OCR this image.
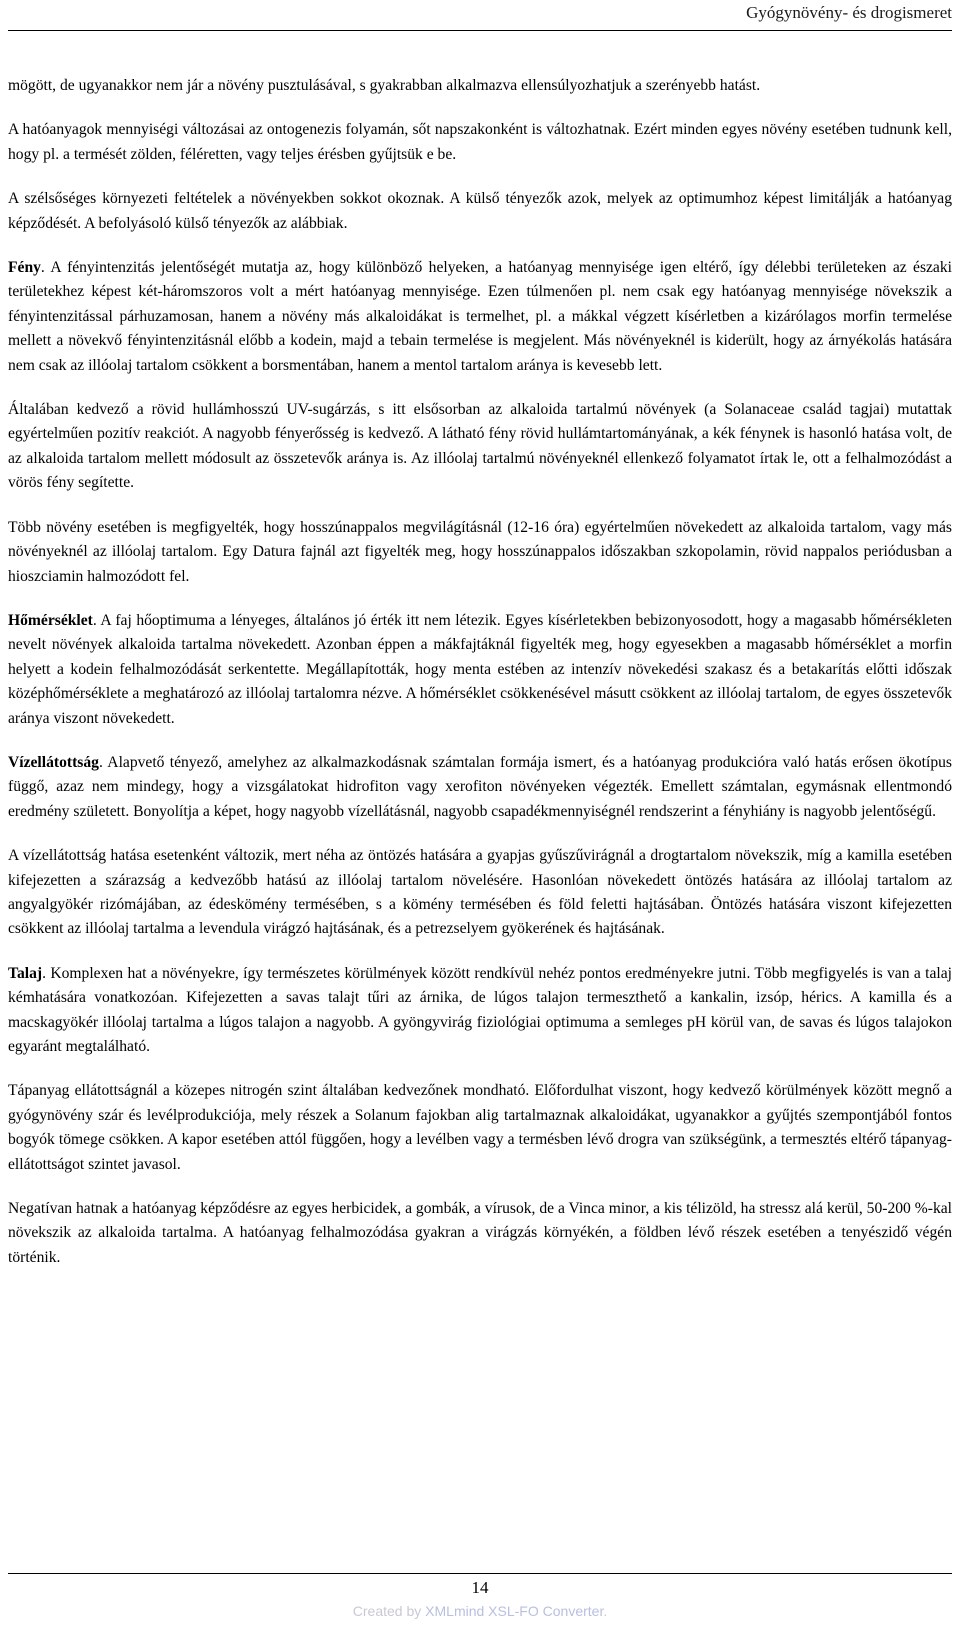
Gyógynövény- és drogismeret

mögött, de ugyanakkor nem jár a növény pusztulásával, s gyakrabban alkalmazva ellensúlyozhatjuk a szerényebb hatást.

A hatóanyagok mennyiségi változásai az ontogenezis folyamán, sőt napszakonként is változhatnak. Ezért minden egyes növény esetében tudnunk kell, hogy pl. a termését zölden, féléretten, vagy teljes érésben gyűjtsük e be.

A szélsőséges környezeti feltételek a növényekben sokkot okoznak. A külső tényezők azok, melyek az optimumhoz képest limitálják a hatóanyag képződését. A befolyásoló külső tényezők az alábbiak.

Fény. A fényintenzitás jelentőségét mutatja az, hogy különböző helyeken, a hatóanyag mennyisége igen eltérő, így délebbi területeken az északi területekhez képest két-háromszoros volt a mért hatóanyag mennyisége. Ezen túlmenően pl. nem csak egy hatóanyag mennyisége növekszik a fényintenzitással párhuzamosan, hanem a növény más alkaloidákat is termelhet, pl. a mákkal végzett kísérletben a kizárólagos morfin termelése mellett a növekvő fényintenzitásnál előbb a kodein, majd a tebain termelése is megjelent. Más növényeknél is kiderült, hogy az árnyékolás hatására nem csak az illóolaj tartalom csökkent a borsmentában, hanem a mentol tartalom aránya is kevesebb lett.

Általában kedvező a rövid hullámhosszú UV-sugárzás, s itt elsősorban az alkaloida tartalmú növények (a Solanaceae család tagjai) mutattak egyértelműen pozitív reakciót. A nagyobb fényerősség is kedvező. A látható fény rövid hullámtartományának, a kék fénynek is hasonló hatása volt, de az alkaloida tartalom mellett módosult az összetevők aránya is. Az illóolaj tartalmú növényeknél ellenkező folyamatot írtak le, ott a felhalmozódást a vörös fény segítette.

Több növény esetében is megfigyelték, hogy hosszúnappalos megvilágításnál (12-16 óra) egyértelműen növekedett az alkaloida tartalom, vagy más növényeknél az illóolaj tartalom. Egy Datura fajnál azt figyelték meg, hogy hosszúnappalos időszakban szkopolamin, rövid nappalos periódusban a hioszciamin halmozódott fel.

Hőmérséklet. A faj hőoptimuma a lényeges, általános jó érték itt nem létezik. Egyes kísérletekben bebizonyosodott, hogy a magasabb hőmérsékleten nevelt növények alkaloida tartalma növekedett. Azonban éppen a mákfajtáknál figyelték meg, hogy egyesekben a magasabb hőmérséklet a morfin helyett a kodein felhalmozódását serkentette. Megállapították, hogy menta estében az intenzív növekedési szakasz és a betakarítás előtti időszak középhőmérséklete a meghatározó az illóolaj tartalomra nézve. A hőmérséklet csökkenésével másutt csökkent az illóolaj tartalom, de egyes összetevők aránya viszont növekedett.

Vízellátottság. Alapvető tényező, amelyhez az alkalmazkodásnak számtalan formája ismert, és a hatóanyag produkcióra való hatás erősen ökotípus függő, azaz nem mindegy, hogy a vizsgálatokat hidrofiton vagy xerofiton növényeken végezték. Emellett számtalan, egymásnak ellentmondó eredmény született. Bonyolítja a képet, hogy nagyobb vízellátásnál, nagyobb csapadékmennyiségnél rendszerint a fényhiány is nagyobb jelentőségű.

A vízellátottság hatása esetenként változik, mert néha az öntözés hatására a gyapjas gyűszűvirágnál a drogtartalom növekszik, míg a kamilla esetében kifejezetten a szárazság a kedvezőbb hatású az illóolaj tartalom növelésére. Hasonlóan növekedett öntözés hatására az illóolaj tartalom az angyalgyökér rizómájában, az édeskömény termésében, s a kömény termésében és föld feletti hajtásában. Öntözés hatására viszont kifejezetten csökkent az illóolaj tartalma a levendula virágzó hajtásának, és a petrezselyem gyökerének és hajtásának.

Talaj. Komplexen hat a növényekre, így természetes körülmények között rendkívül nehéz pontos eredményekre jutni. Több megfigyelés is van a talaj kémhatására vonatkozóan. Kifejezetten a savas talajt tűri az árnika, de lúgos talajon termeszthető a kankalin, izsóp, hérics. A kamilla és a macskagyökér illóolaj tartalma a lúgos talajon a nagyobb. A gyöngyvirág fiziológiai optimuma a semleges pH körül van, de savas és lúgos talajokon egyaránt megtalálható.

Tápanyag ellátottságnál a közepes nitrogén szint általában kedvezőnek mondható. Előfordulhat viszont, hogy kedvező körülmények között megnő a gyógynövény szár és levélprodukciója, mely részek a Solanum fajokban alig tartalmaznak alkaloidákat, ugyanakkor a gyűjtés szempontjából fontos bogyók tömege csökken. A kapor esetében attól függően, hogy a levélben vagy a termésben lévő drogra van szükségünk, a termesztés eltérő tápanyag-ellátottságot szintet javasol.

Negatívan hatnak a hatóanyag képződésre az egyes herbicidek, a gombák, a vírusok, de a Vinca minor, a kis télizöld, ha stressz alá kerül, 50-200 %-kal növekszik az alkaloida tartalma. A hatóanyag felhalmozódása gyakran a virágzás környékén, a földben lévő részek esetében a tenyészidő végén történik.

14
Created by XMLmind XSL-FO Converter.
